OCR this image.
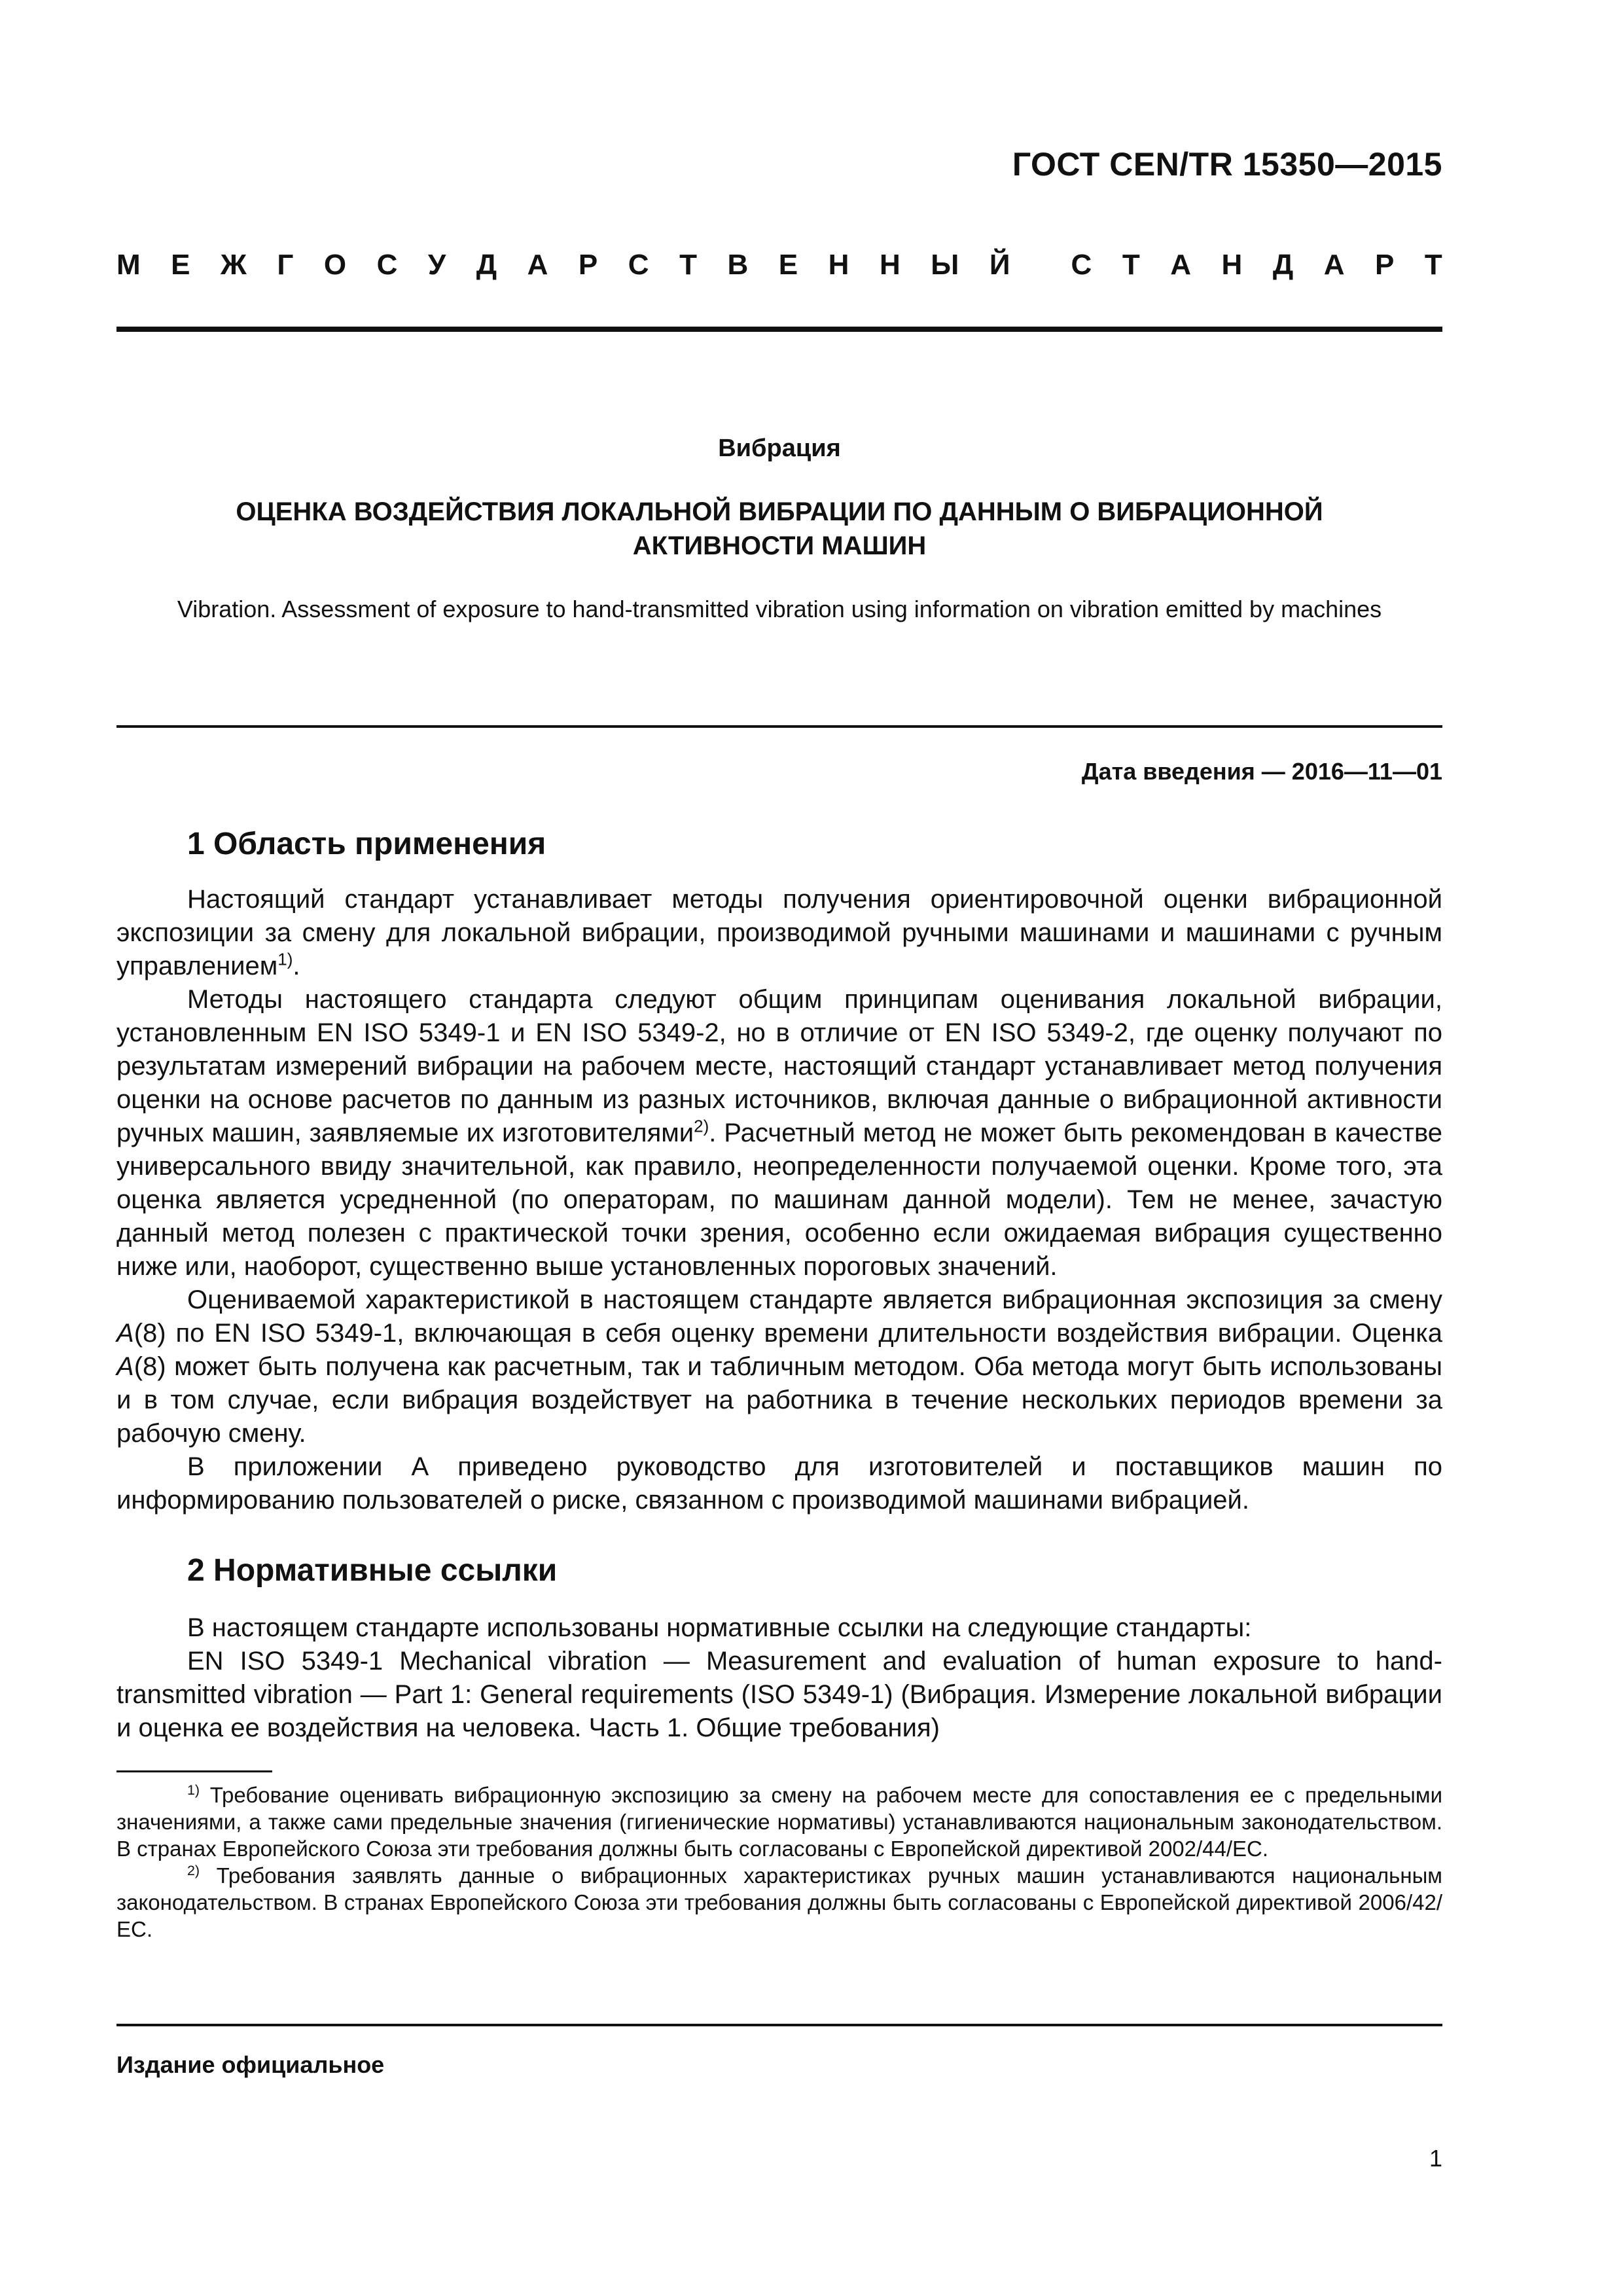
ГОСТ CEN/TR 15350—2015
М Е Ж Г О С У Д А Р С Т В Е Н Н Ы Й С Т А Н Д А Р Т
Вибрация
ОЦЕНКА ВОЗДЕЙСТВИЯ ЛОКАЛЬНОЙ ВИБРАЦИИ ПО ДАННЫМ О ВИБРАЦИОННОЙ
АКТИВНОСТИ МАШИН
Vibration. Assessment of exposure to hand-transmitted vibration using information on vibration emitted by machines
Дата введения — 2016—11—01
1 Область применения

Настоящий стандарт устанавливает методы получения ориентировочной оценки вибрационной экспозиции за смену для локальной вибрации, производимой ручными машинами и машинами с ручным управлением$^{1)}$.

Методы настоящего стандарта следуют общим принципам оценивания локальной вибрации, установленным EN ISO 5349-1 и EN ISO 5349-2, но в отличие от EN ISO 5349-2, где оценку получают по результатам измерений вибрации на рабочем месте, настоящий стандарт устанавливает метод получения оценки на основе расчетов по данным из разных источников, включая данные о вибрационной активности ручных машин, заявляемые их изготовителями$^{2)}$. Расчетный метод не может быть рекомендован в качестве универсального ввиду значительной, как правило, неопределенности получаемой оценки. Кроме того, эта оценка является усредненной (по операторам, по машинам данной модели). Тем не менее, зачастую данный метод полезен с практической точки зрения, особенно если ожидаемая вибрация существенно ниже или, наоборот, существенно выше установленных пороговых значений.

Оцениваемой характеристикой в настоящем стандарте является вибрационная экспозиция за смену A(8) по EN ISO 5349-1, включающая в себя оценку времени длительности воздействия вибрации. Оценка A(8) может быть получена как расчетным, так и табличным методом. Оба метода могут быть использованы и в том случае, если вибрация воздействует на работника в течение нескольких периодов времени за рабочую смену.

В приложении А приведено руководство для изготовителей и поставщиков машин по информированию пользователей о риске, связанном с производимой машинами вибрацией.

2 Нормативные ссылки

В настоящем стандарте использованы нормативные ссылки на следующие стандарты:

EN ISO 5349-1 Mechanical vibration — Measurement and evaluation of human exposure to hand-transmitted vibration — Part 1: General requirements (ISO 5349-1) (Вибрация. Измерение локальной вибрации и оценка ее воздействия на человека. Часть 1. Общие требования)

$^{1)}$ Требование оценивать вибрационную экспозицию за смену на рабочем месте для сопоставления ее с предельными значениями, а также сами предельные значения (гигиенические нормативы) устанавливаются национальным законодательством. В странах Европейского Союза эти требования должны быть согласованы с Европейской директивой 2002/44/ЕС.

$^{2)}$ Требования заявлять данные о вибрационных характеристиках ручных машин устанавливаются национальным законодательством. В странах Европейского Союза эти требования должны быть согласованы с Европейской директивой 2006/42/ЕС.

Издание официальное
1
